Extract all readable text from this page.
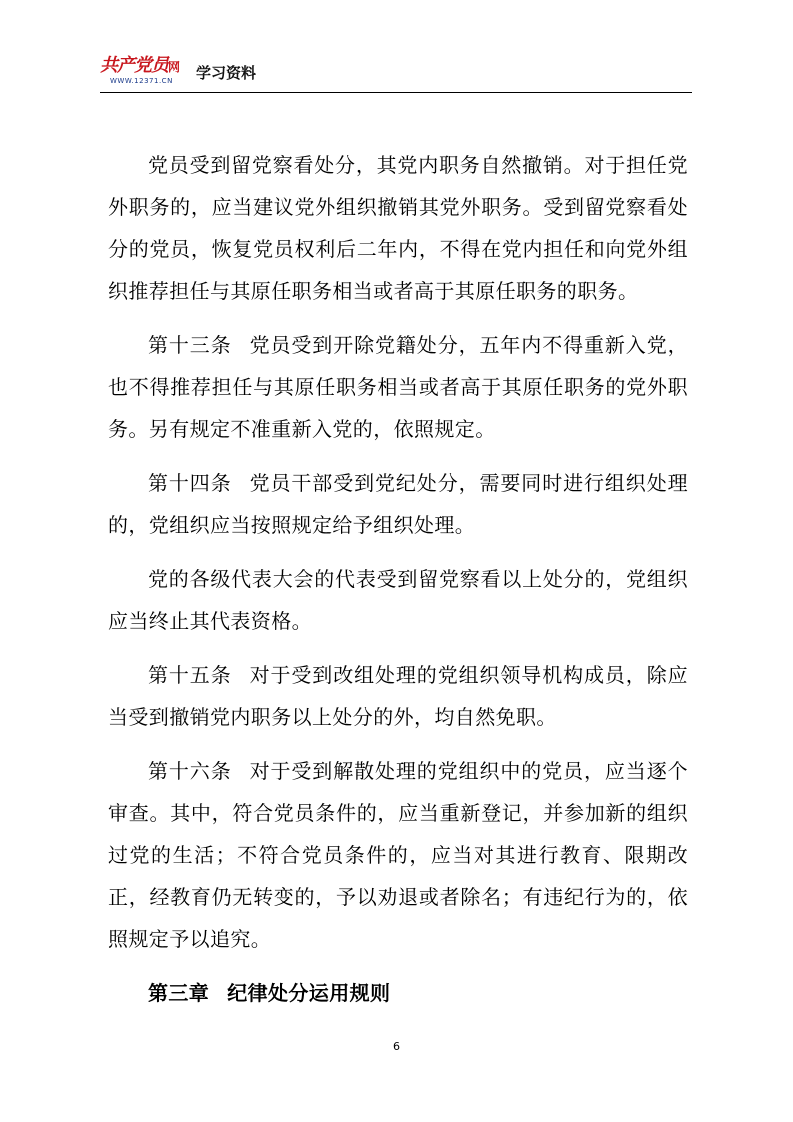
共产党员网
WWW.12371.CN	学习资料

党员受到留党察看处分，其党内职务自然撤销。对于担任党外职务的，应当建议党外组织撤销其党外职务。受到留党察看处分的党员，恢复党员权利后二年内，不得在党内担任和向党外组织推荐担任与其原任职务相当或者高于其原任职务的职务。

第十三条 党员受到开除党籍处分，五年内不得重新入党，也不得推荐担任与其原任职务相当或者高于其原任职务的党外职务。另有规定不准重新入党的，依照规定。

第十四条 党员干部受到党纪处分，需要同时进行组织处理的，党组织应当按照规定给予组织处理。

党的各级代表大会的代表受到留党察看以上处分的，党组织应当终止其代表资格。

第十五条 对于受到改组处理的党组织领导机构成员，除应当受到撤销党内职务以上处分的外，均自然免职。

第十六条 对于受到解散处理的党组织中的党员，应当逐个审查。其中，符合党员条件的，应当重新登记，并参加新的组织过党的生活；不符合党员条件的，应当对其进行教育、限期改正，经教育仍无转变的，予以劝退或者除名；有违纪行为的，依照规定予以追究。

第三章 纪律处分运用规则

6
